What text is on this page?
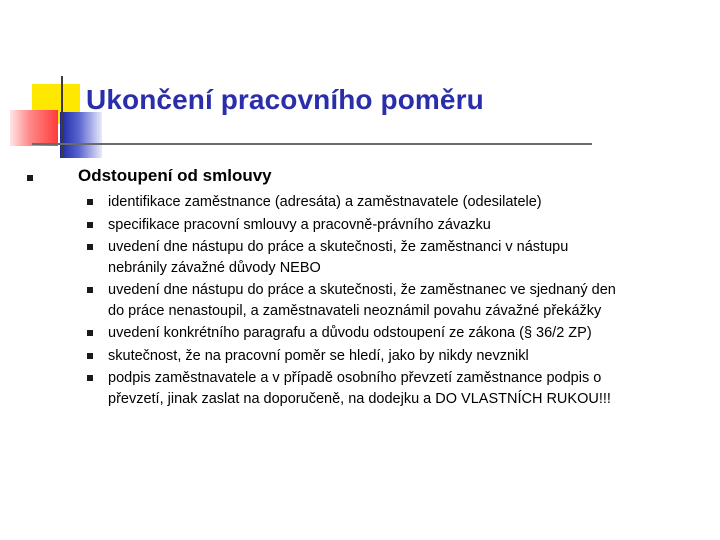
Ukončení pracovního poměru
Odstoupení od smlouvy
identifikace zaměstnance (adresáta) a zaměstnavatele (odesilatele)
specifikace pracovní smlouvy a pracovně-právního závazku
uvedení dne nástupu do práce a skutečnosti, že zaměstnanci v nástupu
nebránily závažné důvody NEBO
uvedení dne nástupu do práce a skutečnosti, že zaměstnanec ve sjednaný den
do práce nenastoupil, a zaměstnavateli neoznámil povahu závažné překážky
uvedení konkrétního paragrafu a důvodu odstoupení ze zákona (§ 36/2 ZP)
skutečnost, že na pracovní poměr se hledí, jako by nikdy nevznikl
podpis zaměstnavatele a v případě osobního převzetí zaměstnance podpis o
převzetí, jinak zaslat na doporučeně, na dodejku a DO VLASTNÍCH RUKOU!!!
